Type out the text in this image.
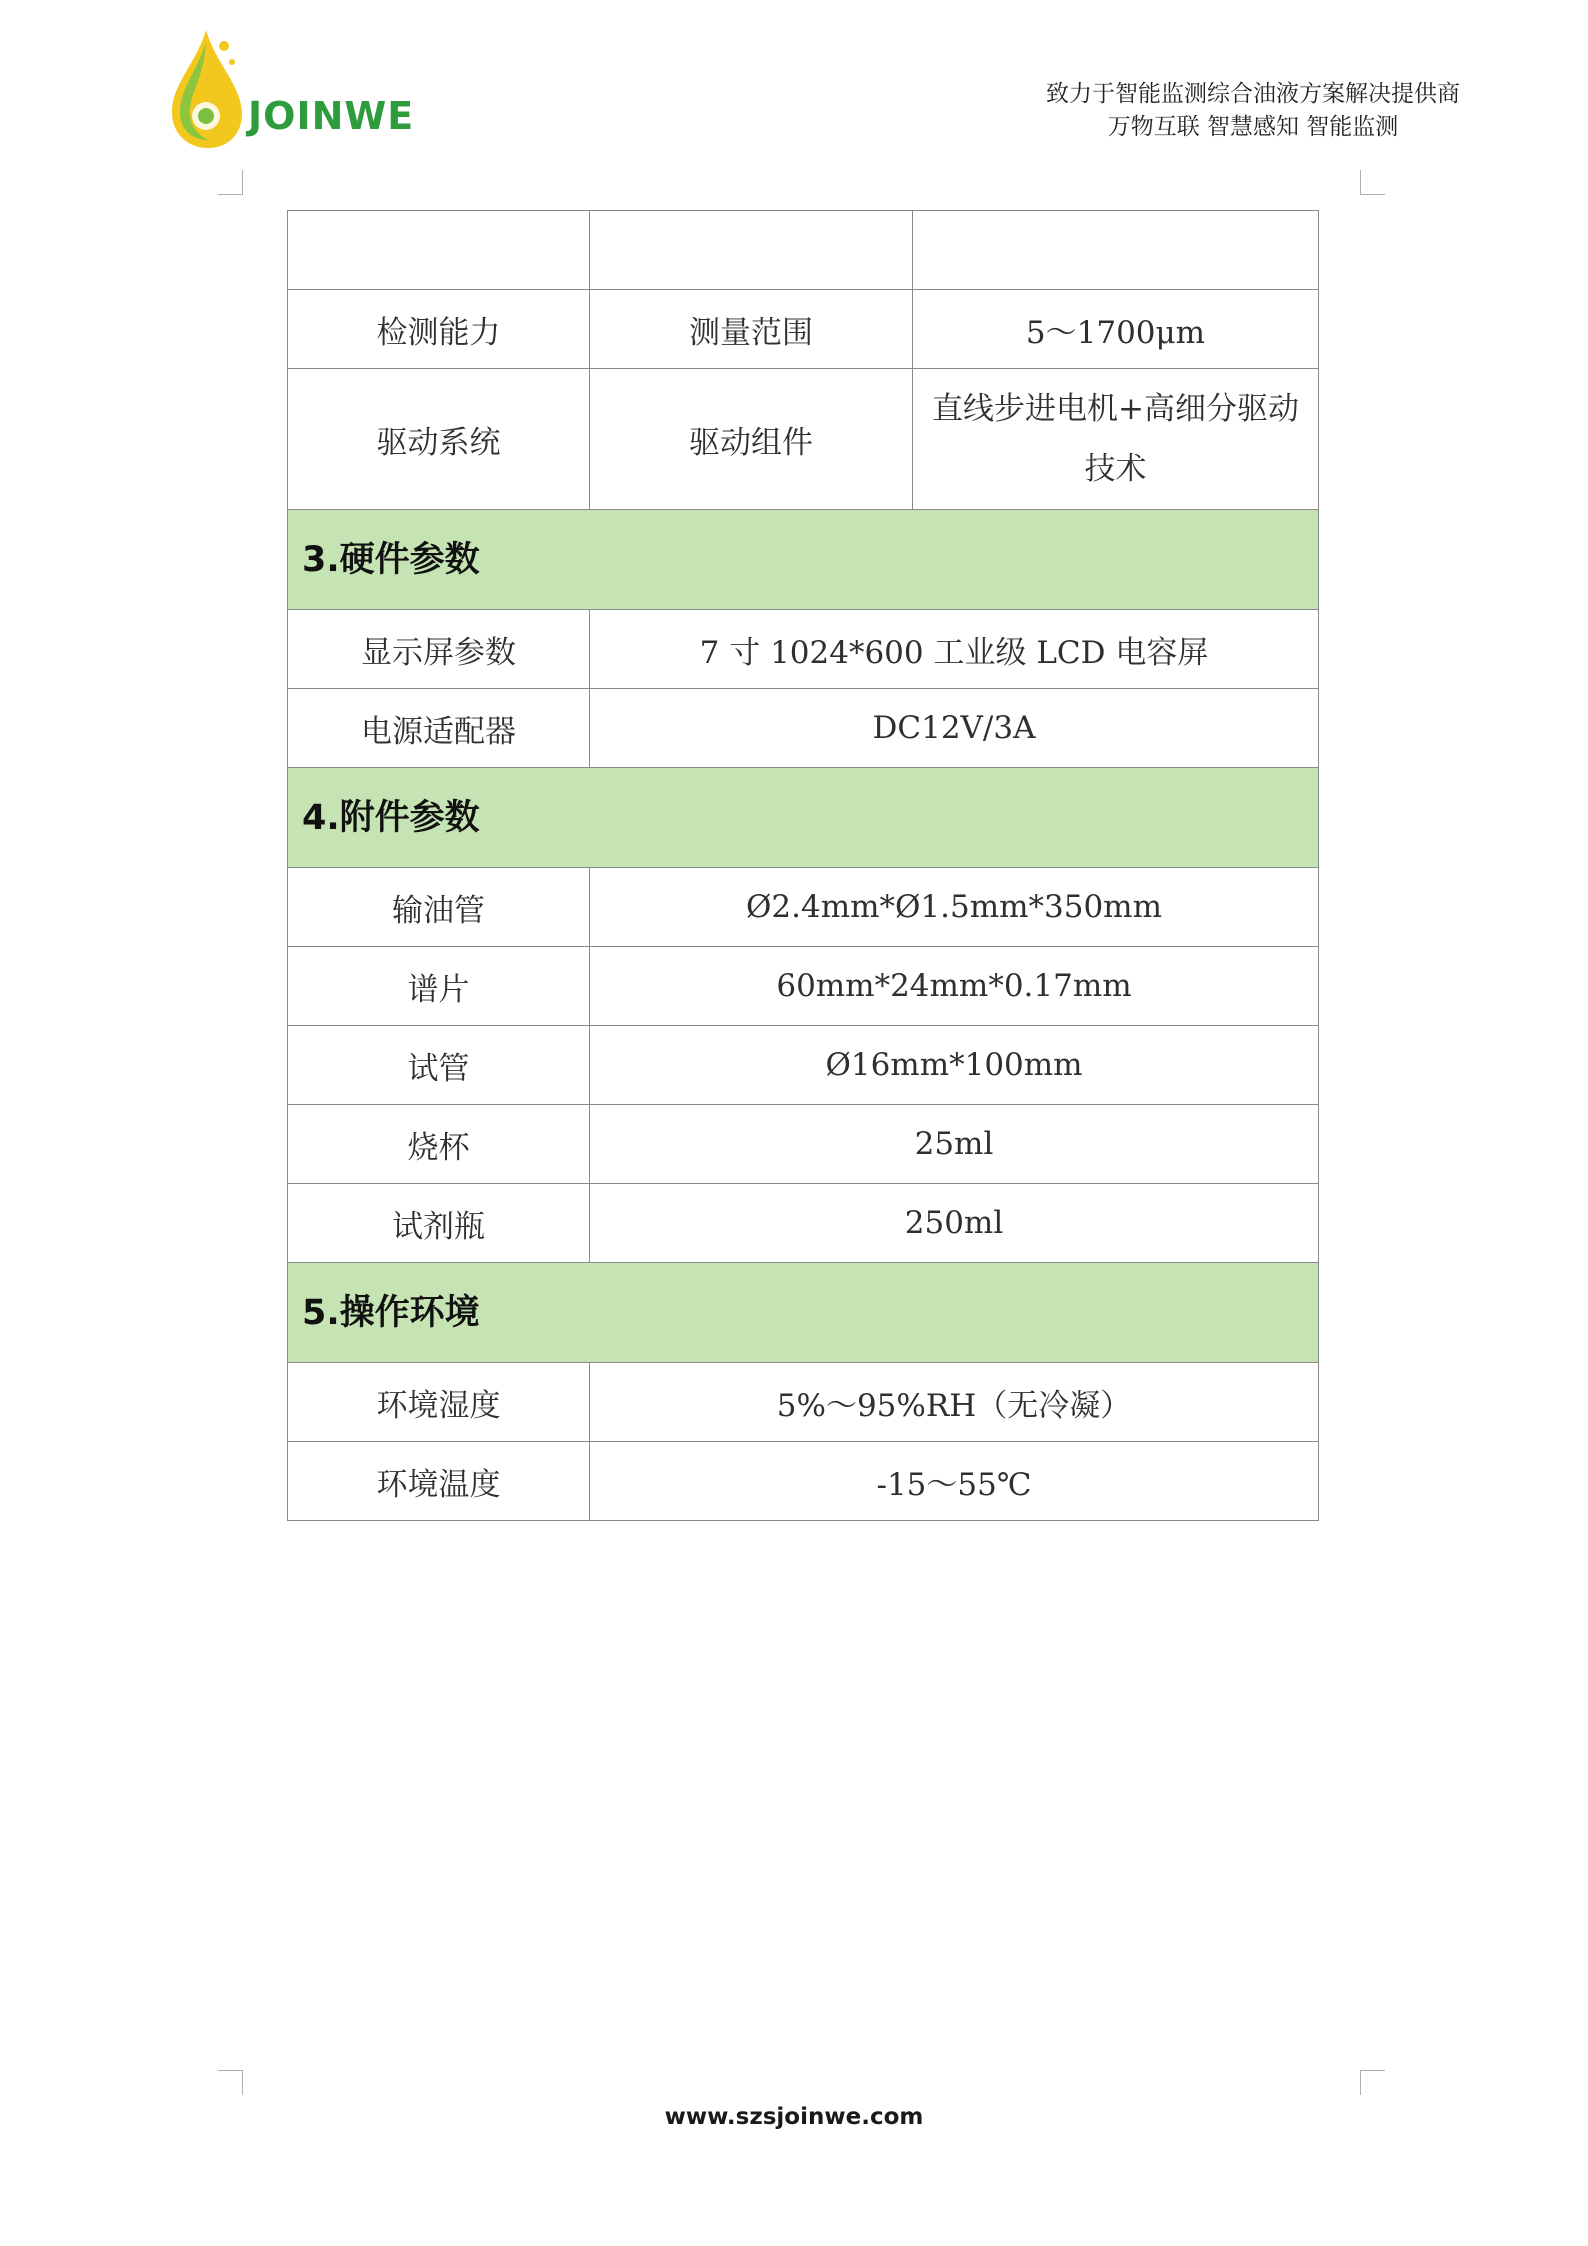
JOINWE	致力于智能监测综合油液方案解决提供商
万物互联 智慧感知 智能监测

检测能力	测量范围	5～1700μm
驱动系统	驱动组件	直线步进电机+高细分驱动技术
3.硬件参数		
显示屏参数	7 寸 1024*600 工业级 LCD 电容屏	
电源适配器	DC12V/3A	
4.附件参数		
输油管	Ø2.4mm*Ø1.5mm*350mm	
谱片	60mm*24mm*0.17mm	
试管	Ø16mm*100mm	
烧杯	25ml	
试剂瓶	250ml	
5.操作环境		
环境湿度	5%～95%RH（无冷凝）	
环境温度	-15～55℃	
www.szsjoinwe.com
